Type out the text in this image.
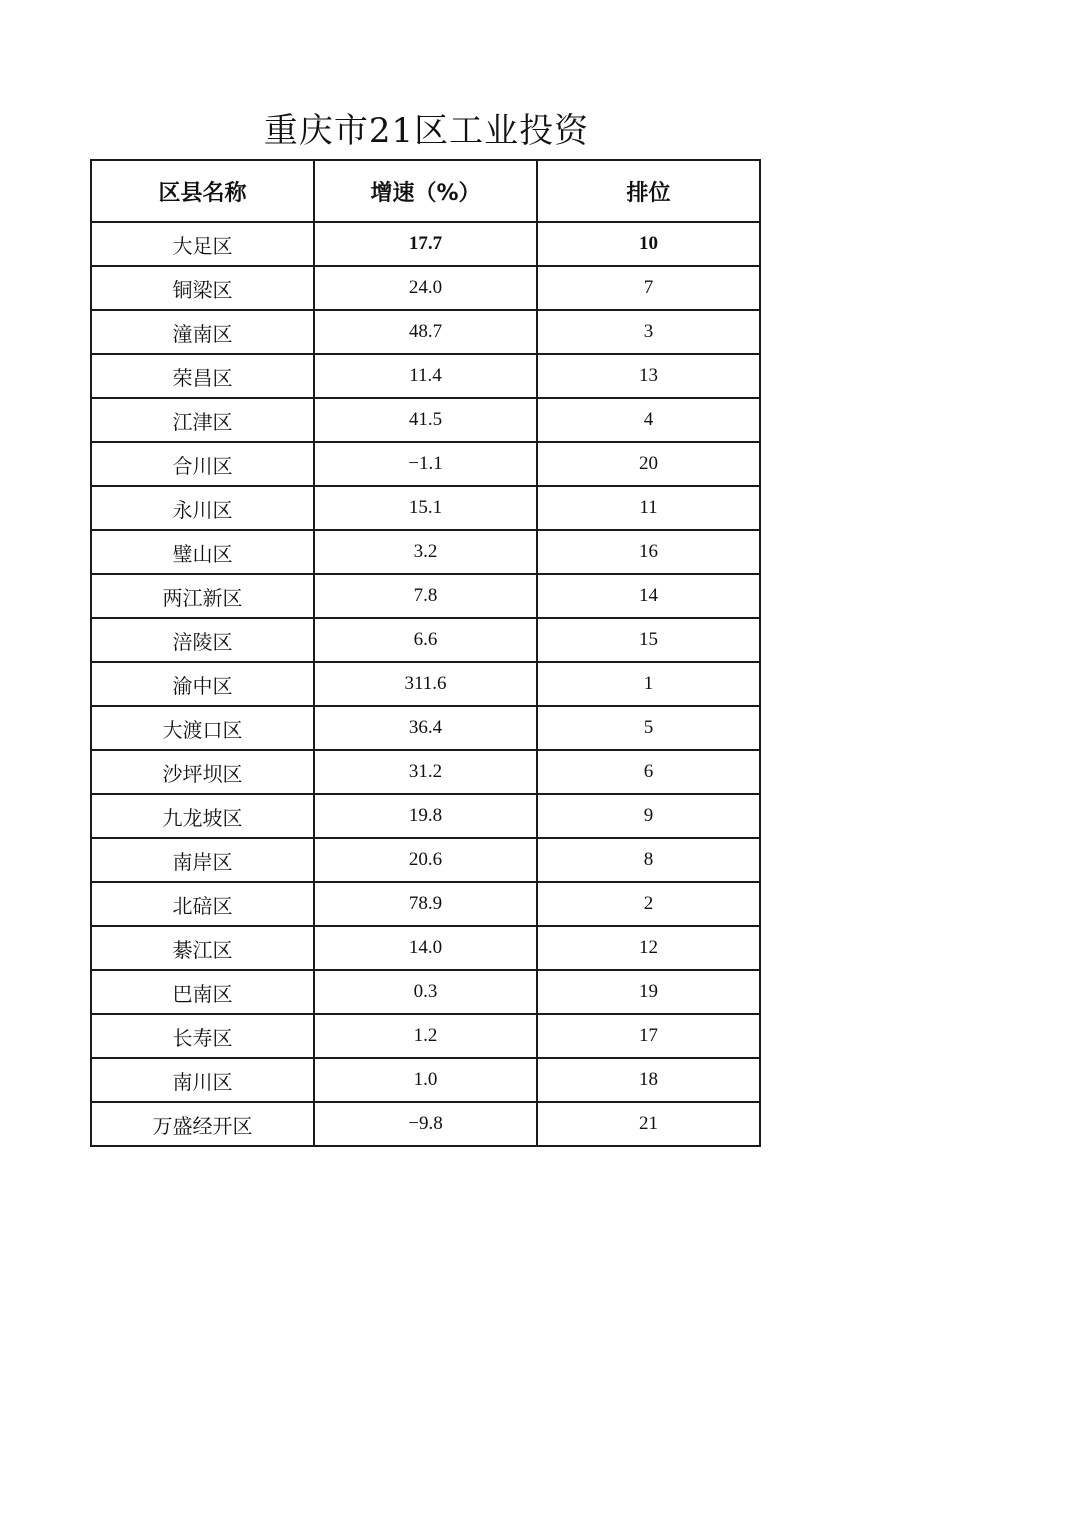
重庆市21区工业投资
区县名称	增速（%）	排位
大足区	17.7	10
铜梁区	24.0	7
潼南区	48.7	3
荣昌区	11.4	13
江津区	41.5	4
合川区	−1.1	20
永川区	15.1	11
璧山区	3.2	16
两江新区	7.8	14
涪陵区	6.6	15
渝中区	311.6	1
大渡口区	36.4	5
沙坪坝区	31.2	6
九龙坡区	19.8	9
南岸区	20.6	8
北碚区	78.9	2
綦江区	14.0	12
巴南区	0.3	19
长寿区	1.2	17
南川区	1.0	18
万盛经开区	−9.8	21
